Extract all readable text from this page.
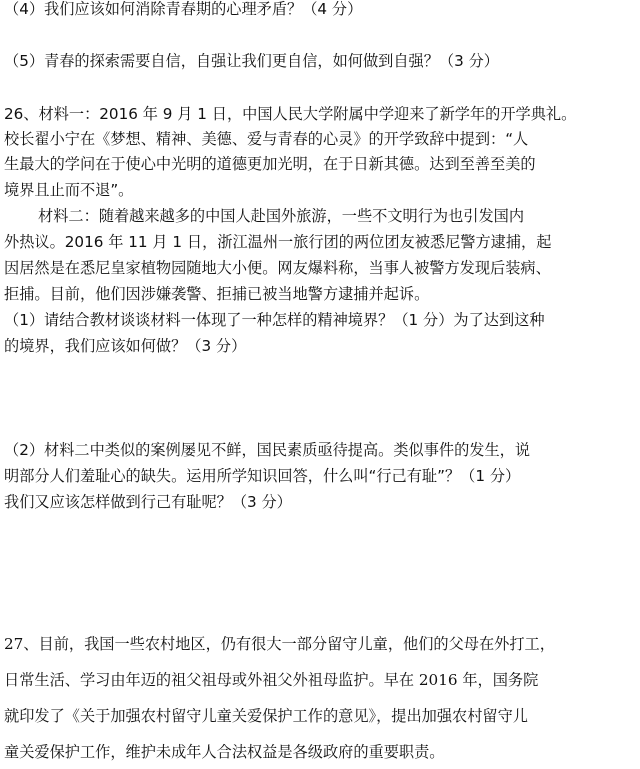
（4）我们应该如何消除青春期的心理矛盾？（4 分）
（5）青春的探索需要自信，自强让我们更自信，如何做到自强？（3 分）
26、材料一：2016 年 9 月 1 日，中国人民大学附属中学迎来了新学年的开学典礼。
校长翟小宁在《梦想、精神、美德、爱与青春的心灵》的开学致辞中提到：“人
生最大的学问在于使心中光明的道德更加光明，在于日新其德。达到至善至美的
境界且止而不退”。
材料二：随着越来越多的中国人赴国外旅游，一些不文明行为也引发国内
外热议。2016 年 11 月 1 日，浙江温州一旅行团的两位团友被悉尼警方逮捕，起
因居然是在悉尼皇家植物园随地大小便。网友爆料称，当事人被警方发现后装病、
拒捕。目前，他们因涉嫌袭警、拒捕已被当地警方逮捕并起诉。
（1）请结合教材谈谈材料一体现了一种怎样的精神境界？（1 分）为了达到这种
的境界，我们应该如何做？（3 分）
（2）材料二中类似的案例屡见不鲜，国民素质亟待提高。类似事件的发生，说
明部分人们羞耻心的缺失。运用所学知识回答，什么叫“行己有耻”？（1 分）
我们又应该怎样做到行己有耻呢？（3 分）
27、目前，我国一些农村地区，仍有很大一部分留守儿童，他们的父母在外打工，
日常生活、学习由年迈的祖父祖母或外祖父外祖母监护。早在 2016 年，国务院
就印发了《关于加强农村留守儿童关爱保护工作的意见》，提出加强农村留守儿
童关爱保护工作，维护未成年人合法权益是各级政府的重要职责。
